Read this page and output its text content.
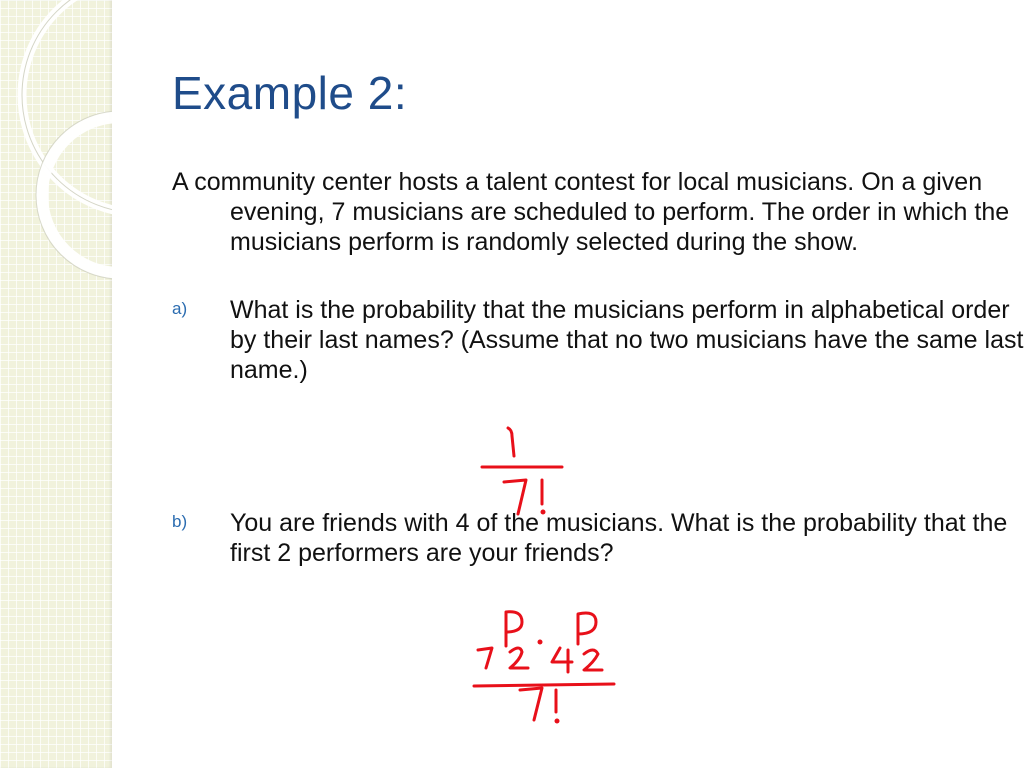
Example 2:
A community center hosts a talent contest for local musicians. On a given evening, 7 musicians are scheduled to perform. The order in which the musicians perform is randomly selected during the show.
a) What is the probability that the musicians perform in alphabetical order by their last names? (Assume that no two musicians have the same last name.)
b) You are friends with 4 of the musicians. What is the probability that the first 2 performers are your friends?
